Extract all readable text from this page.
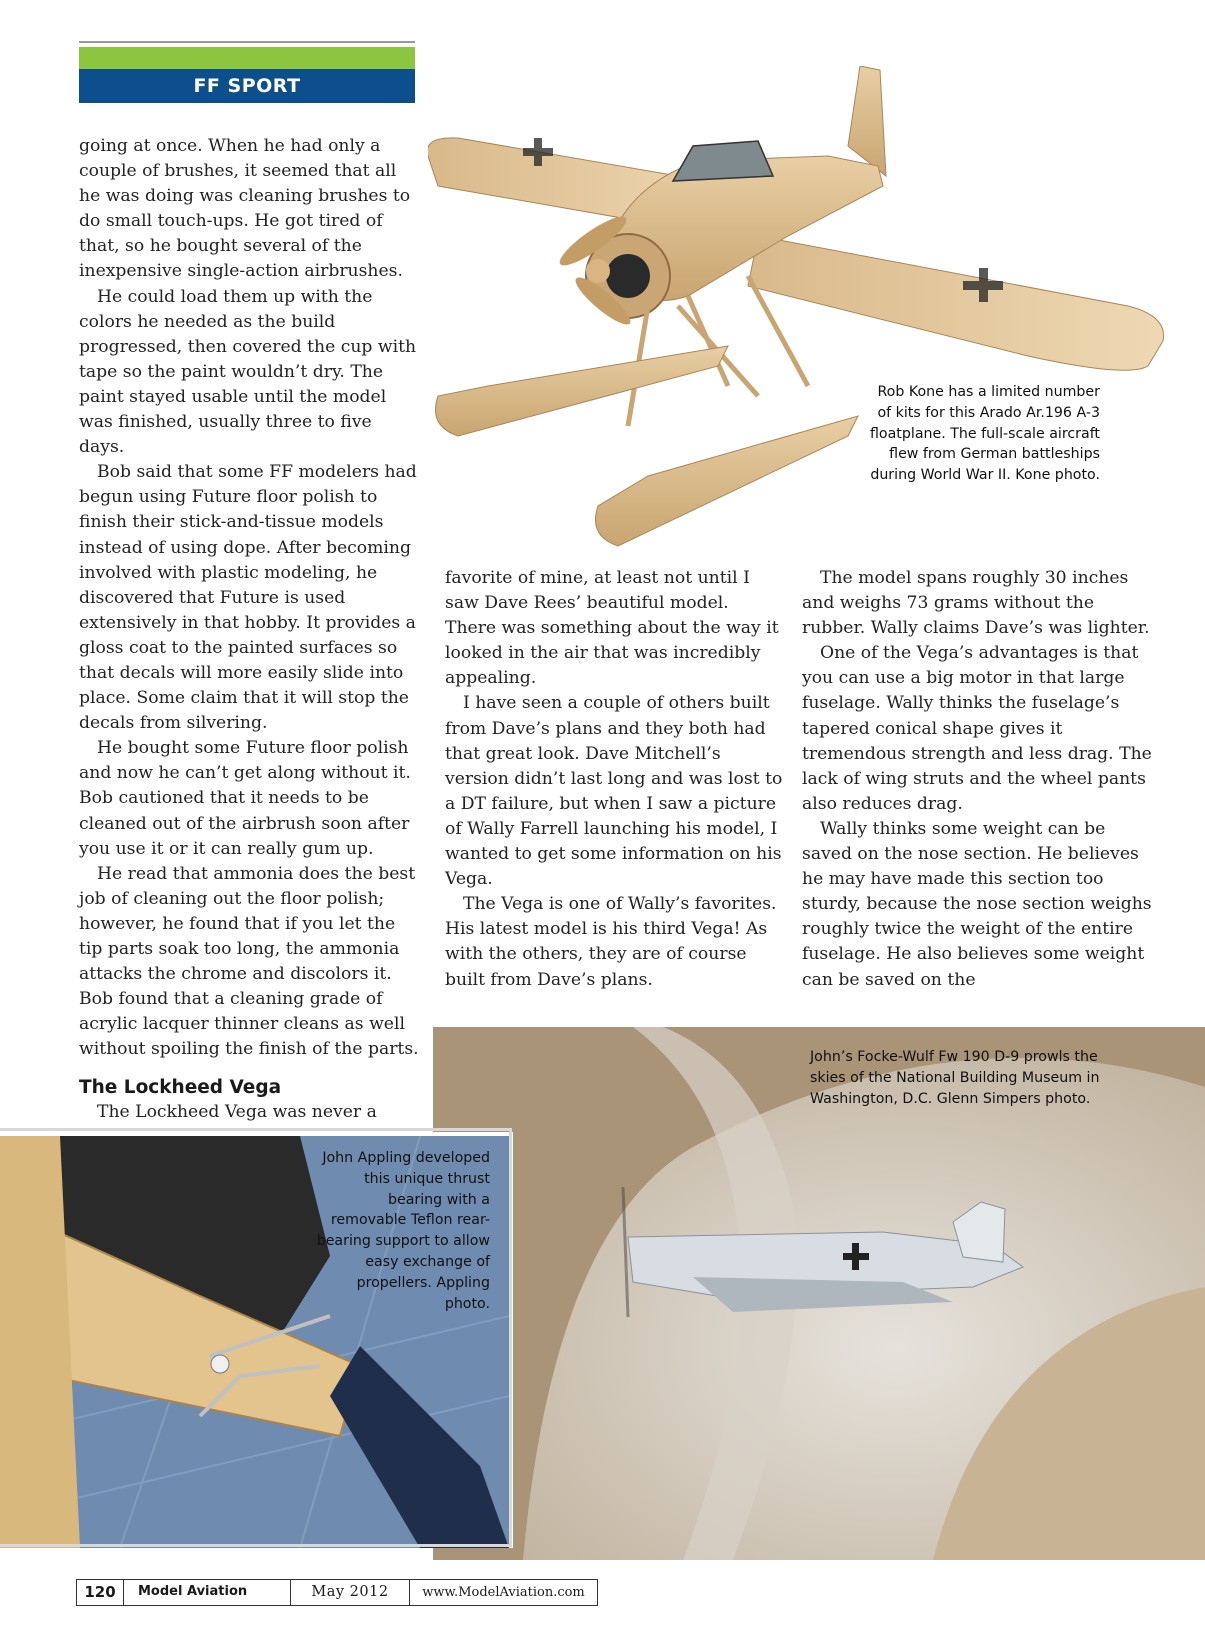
FF SPORT
Rob Kone has a limited number of kits for this Arado Ar.196 A-3 floatplane. The full-scale aircraft flew from German battleships during World War II. Kone photo.

going at once. When he had only a couple of brushes, it seemed that all he was doing was cleaning brushes to do small touch-ups. He got tired of that, so he bought several of the inexpensive single-action airbrushes.

He could load them up with the colors he needed as the build progressed, then covered the cup with tape so the paint wouldn’t dry. The paint stayed usable until the model was finished, usually three to five days.

Bob said that some FF modelers had begun using Future floor polish to finish their stick-and-tissue models instead of using dope. After becoming involved with plastic modeling, he discovered that Future is used extensively in that hobby. It provides a gloss coat to the painted surfaces so that decals will more easily slide into place. Some claim that it will stop the decals from silvering.

He bought some Future floor polish and now he can’t get along without it. Bob cautioned that it needs to be cleaned out of the airbrush soon after you use it or it can really gum up.

He read that ammonia does the best job of cleaning out the floor polish; however, he found that if you let the tip parts soak too long, the ammonia attacks the chrome and discolors it. Bob found that a cleaning grade of acrylic lacquer thinner cleans as well without spoiling the finish of the parts.

The Lockheed Vega

The Lockheed Vega was never a

favorite of mine, at least not until I saw Dave Rees’ beautiful model. There was something about the way it looked in the air that was incredibly appealing.

I have seen a couple of others built from Dave’s plans and they both had that great look. Dave Mitchell’s version didn’t last long and was lost to a DT failure, but when I saw a picture of Wally Farrell launching his model, I wanted to get some information on his Vega.

The Vega is one of Wally’s favorites. His latest model is his third Vega! As with the others, they are of course built from Dave’s plans.

The model spans roughly 30 inches and weighs 73 grams without the rubber. Wally claims Dave’s was lighter.

One of the Vega’s advantages is that you can use a big motor in that large fuselage. Wally thinks the fuselage’s tapered conical shape gives it tremendous strength and less drag. The lack of wing struts and the wheel pants also reduces drag.

Wally thinks some weight can be saved on the nose section. He believes he may have made this section too sturdy, because the nose section weighs roughly twice the weight of the entire fuselage. He also believes some weight can be saved on the

John’s Focke-Wulf Fw 190 D-9 prowls the skies of the National Building Museum in Washington, D.C. Glenn Simpers photo.
John Appling developed this unique thrust bearing with a removable Teflon rear-bearing support to allow easy exchange of propellers. Appling photo.
120	Model Aviation	May 2012	www.ModelAviation.com
